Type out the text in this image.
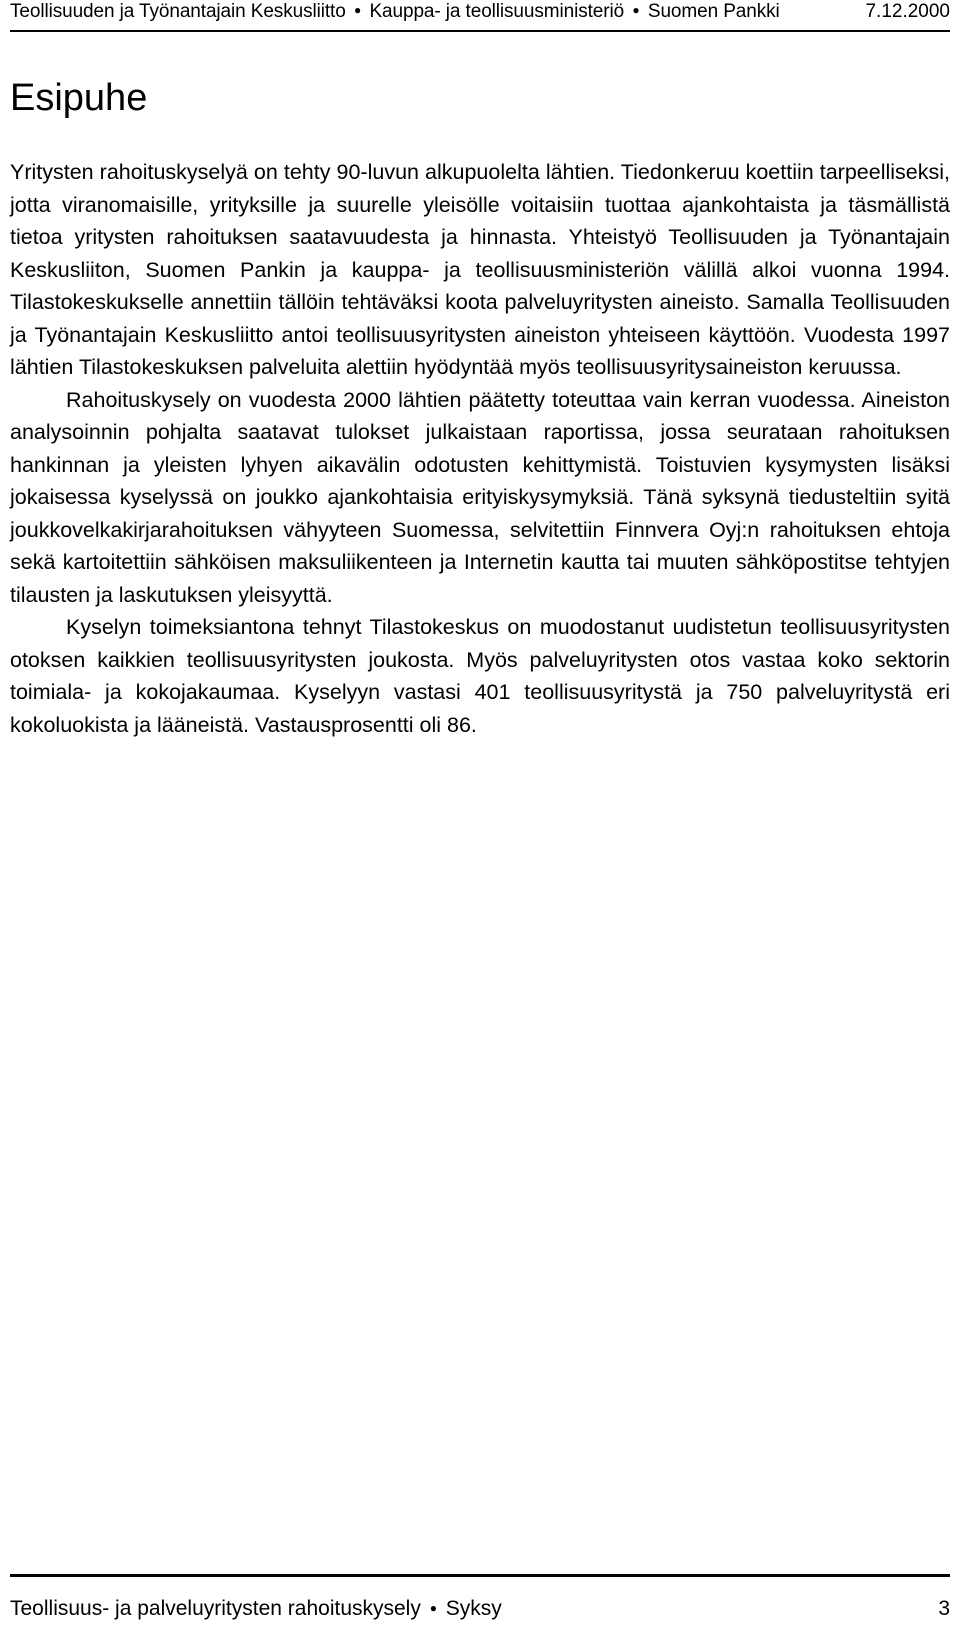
Teollisuuden ja Työnantajain Keskusliitto ● Kauppa- ja teollisuusministeriö ● Suomen Pankki	7.12.2000
Esipuhe

Yritysten rahoituskyselyä on tehty 90-luvun alkupuolelta lähtien. Tiedonkeruu koettiin tarpeelliseksi, jotta viranomaisille, yrityksille ja suurelle yleisölle voitaisiin tuottaa ajankohtaista ja täsmällistä tietoa yritysten rahoituksen saatavuudesta ja hinnasta. Yhteistyö Teollisuuden ja Työnantajain Keskusliiton, Suomen Pankin ja kauppa- ja teollisuusministeriön välillä alkoi vuonna 1994. Tilastokeskukselle annettiin tällöin tehtäväksi koota palveluyritysten aineisto. Samalla Teollisuuden ja Työnantajain Keskusliitto antoi teollisuusyritysten aineiston yhteiseen käyttöön. Vuodesta 1997 lähtien Tilastokeskuksen palveluita alettiin hyödyntää myös teollisuusyritysaineiston keruussa.

Rahoituskysely on vuodesta 2000 lähtien päätetty toteuttaa vain kerran vuodessa. Aineiston analysoinnin pohjalta saatavat tulokset julkaistaan raportissa, jossa seurataan rahoituksen hankinnan ja yleisten lyhyen aikavälin odotusten kehittymistä. Toistuvien kysymysten lisäksi jokaisessa kyselyssä on joukko ajankohtaisia erityiskysymyksiä. Tänä syksynä tiedusteltiin syitä joukkovelkakirjarahoituksen vähyyteen Suomessa, selvitettiin Finnvera Oyj:n rahoituksen ehtoja sekä kartoitettiin sähköisen maksuliikenteen ja Internetin kautta tai muuten sähköpostitse tehtyjen tilausten ja laskutuksen yleisyyttä.

Kyselyn toimeksiantona tehnyt Tilastokeskus on muodostanut uudistetun teollisuusyritysten otoksen kaikkien teollisuusyritysten joukosta. Myös palveluyritysten otos vastaa koko sektorin toimiala- ja kokojakaumaa. Kyselyyn vastasi 401 teollisuusyritystä ja 750 palveluyritystä eri kokoluokista ja lääneistä. Vastausprosentti oli 86.

Teollisuus- ja palveluyritysten rahoituskysely ● Syksy	3
